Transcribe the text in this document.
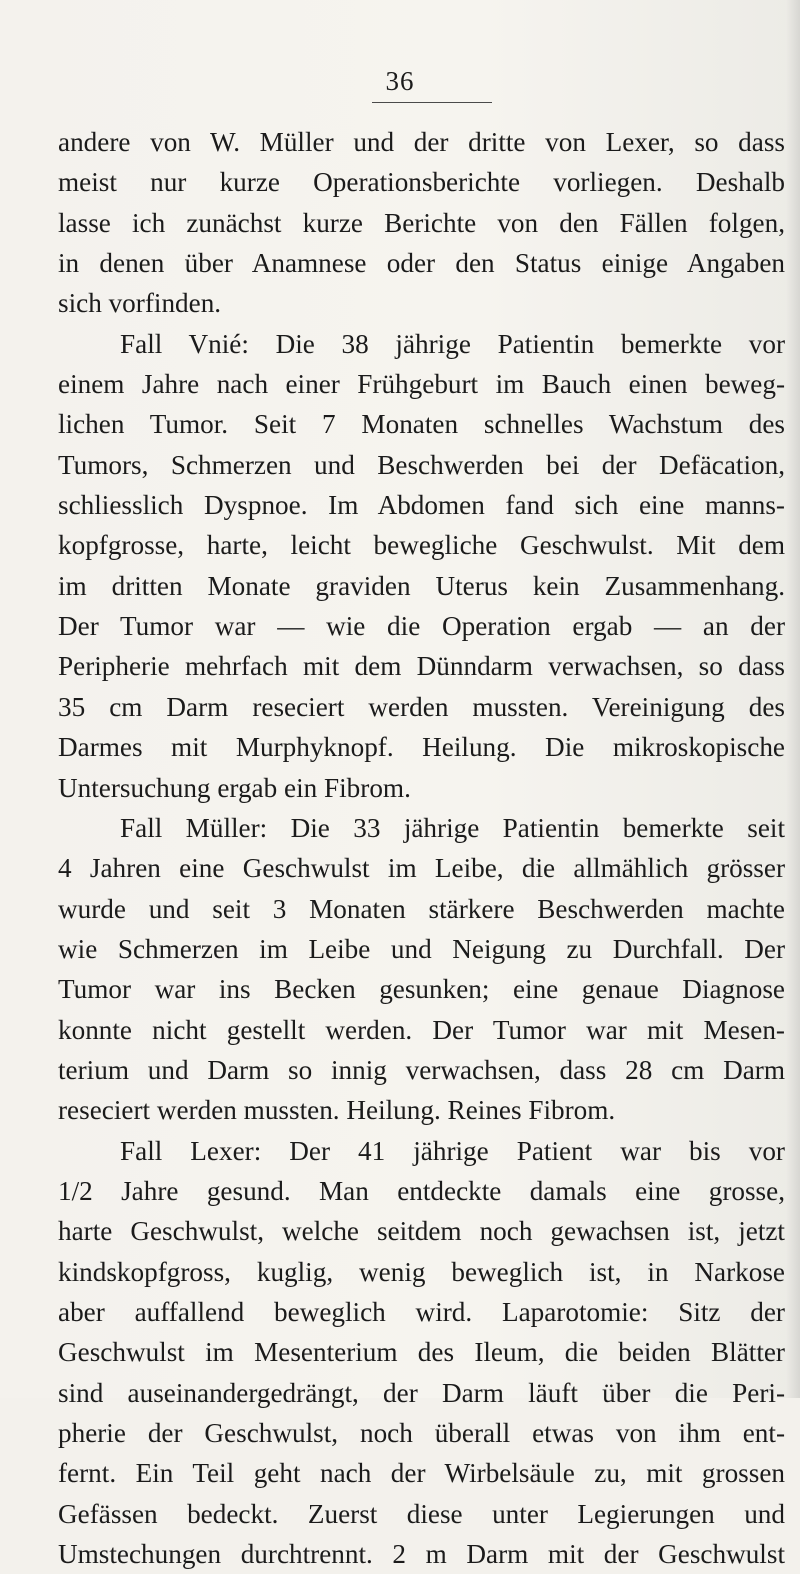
36
andere von W. Müller und der dritte von Lexer, so dass
meist nur kurze Operationsberichte vorliegen. Deshalb
lasse ich zunächst kurze Berichte von den Fällen folgen,
in denen über Anamnese oder den Status einige Angaben
sich vorfinden.
Fall Vnié: Die 38 jährige Patientin bemerkte vor
einem Jahre nach einer Frühgeburt im Bauch einen beweg-
lichen Tumor. Seit 7 Monaten schnelles Wachstum des
Tumors, Schmerzen und Beschwerden bei der Defäcation,
schliesslich Dyspnoe. Im Abdomen fand sich eine manns-
kopfgrosse, harte, leicht bewegliche Geschwulst. Mit dem
im dritten Monate graviden Uterus kein Zusammenhang.
Der Tumor war — wie die Operation ergab — an der
Peripherie mehrfach mit dem Dünndarm verwachsen, so dass
35 cm Darm reseciert werden mussten. Vereinigung des
Darmes mit Murphyknopf. Heilung. Die mikroskopische
Untersuchung ergab ein Fibrom.
Fall Müller: Die 33 jährige Patientin bemerkte seit
4 Jahren eine Geschwulst im Leibe, die allmählich grösser
wurde und seit 3 Monaten stärkere Beschwerden machte
wie Schmerzen im Leibe und Neigung zu Durchfall. Der
Tumor war ins Becken gesunken; eine genaue Diagnose
konnte nicht gestellt werden. Der Tumor war mit Mesen-
terium und Darm so innig verwachsen, dass 28 cm Darm
reseciert werden mussten. Heilung. Reines Fibrom.
Fall Lexer: Der 41 jährige Patient war bis vor
1/2 Jahre gesund. Man entdeckte damals eine grosse,
harte Geschwulst, welche seitdem noch gewachsen ist, jetzt
kindskopfgross, kuglig, wenig beweglich ist, in Narkose
aber auffallend beweglich wird. Laparotomie: Sitz der
Geschwulst im Mesenterium des Ileum, die beiden Blätter
sind auseinandergedrängt, der Darm läuft über die Peri-
pherie der Geschwulst, noch überall etwas von ihm ent-
fernt. Ein Teil geht nach der Wirbelsäule zu, mit grossen
Gefässen bedeckt. Zuerst diese unter Legierungen und
Umstechungen durchtrennt. 2 m Darm mit der Geschwulst
